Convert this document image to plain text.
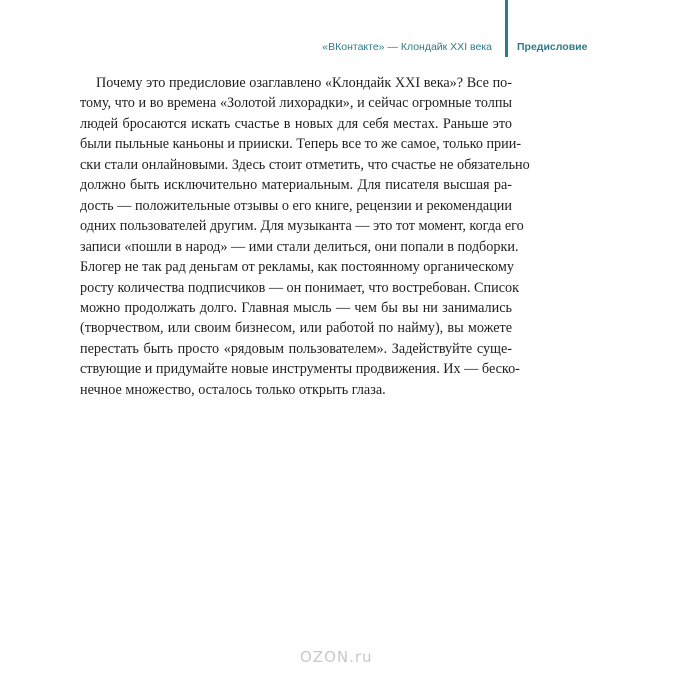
«ВКонтакте» — Клондайк XXI века Предисловие
Почему это предисловие озаглавлено «Клондайк XXI века»? Все по-
тому, что и во времена «Золотой лихорадки», и сейчас огромные толпы
людей бросаются искать счастье в новых для себя местах. Раньше это
были пыльные каньоны и прииски. Теперь все то же самое, только прии-
ски стали онлайновыми. Здесь стоит отметить, что счастье не обязательно
должно быть исключительно материальным. Для писателя высшая ра-
дость — положительные отзывы о его книге, рецензии и рекомендации
одних пользователей другим. Для музыканта — это тот момент, когда его
записи «пошли в народ» — ими стали делиться, они попали в подборки.
Блогер не так рад деньгам от рекламы, как постоянному органическому
росту количества подписчиков — он понимает, что востребован. Список
можно продолжать долго. Главная мысль — чем бы вы ни занимались
(творчеством, или своим бизнесом, или работой по найму), вы можете
перестать быть просто «рядовым пользователем». Задействуйте суще-
ствующие и придумайте новые инструменты продвижения. Их — беско-
нечное множество, осталось только открыть глаза.
OZON.ru
